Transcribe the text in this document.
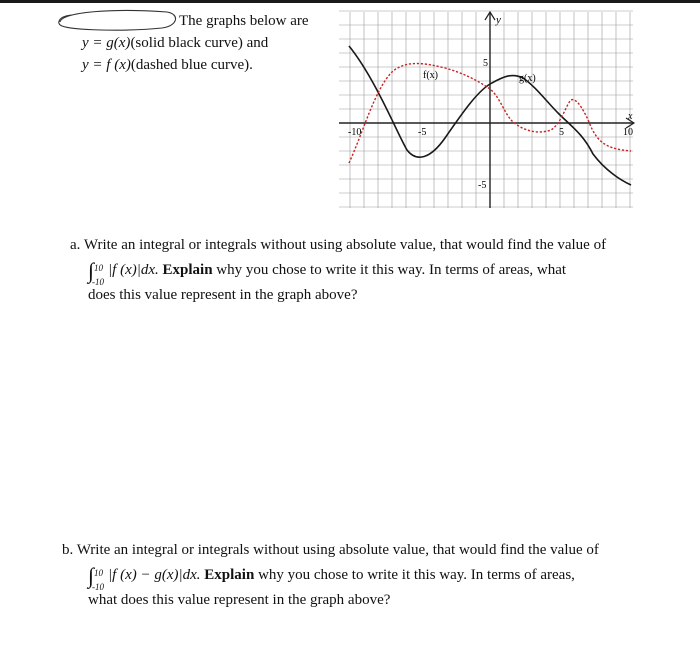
The graphs below are
y = g(x)(solid black curve) and
y = f (x)(dashed blue curve).
x
y
-10	-5	5	10
5
-5
f(x)	g(x)
a. Write an integral or integrals without using absolute value, that would find the value of
∫ 10
-10
|f (x)|dx. Explain why you chose to write it this way. In terms of areas, what
does this value represent in the graph above?
b. Write an integral or integrals without using absolute value, that would find the value of
∫ 10
-10
|f (x) − g(x)|dx. Explain why you chose to write it this way. In terms of areas,
what does this value represent in the graph above?
